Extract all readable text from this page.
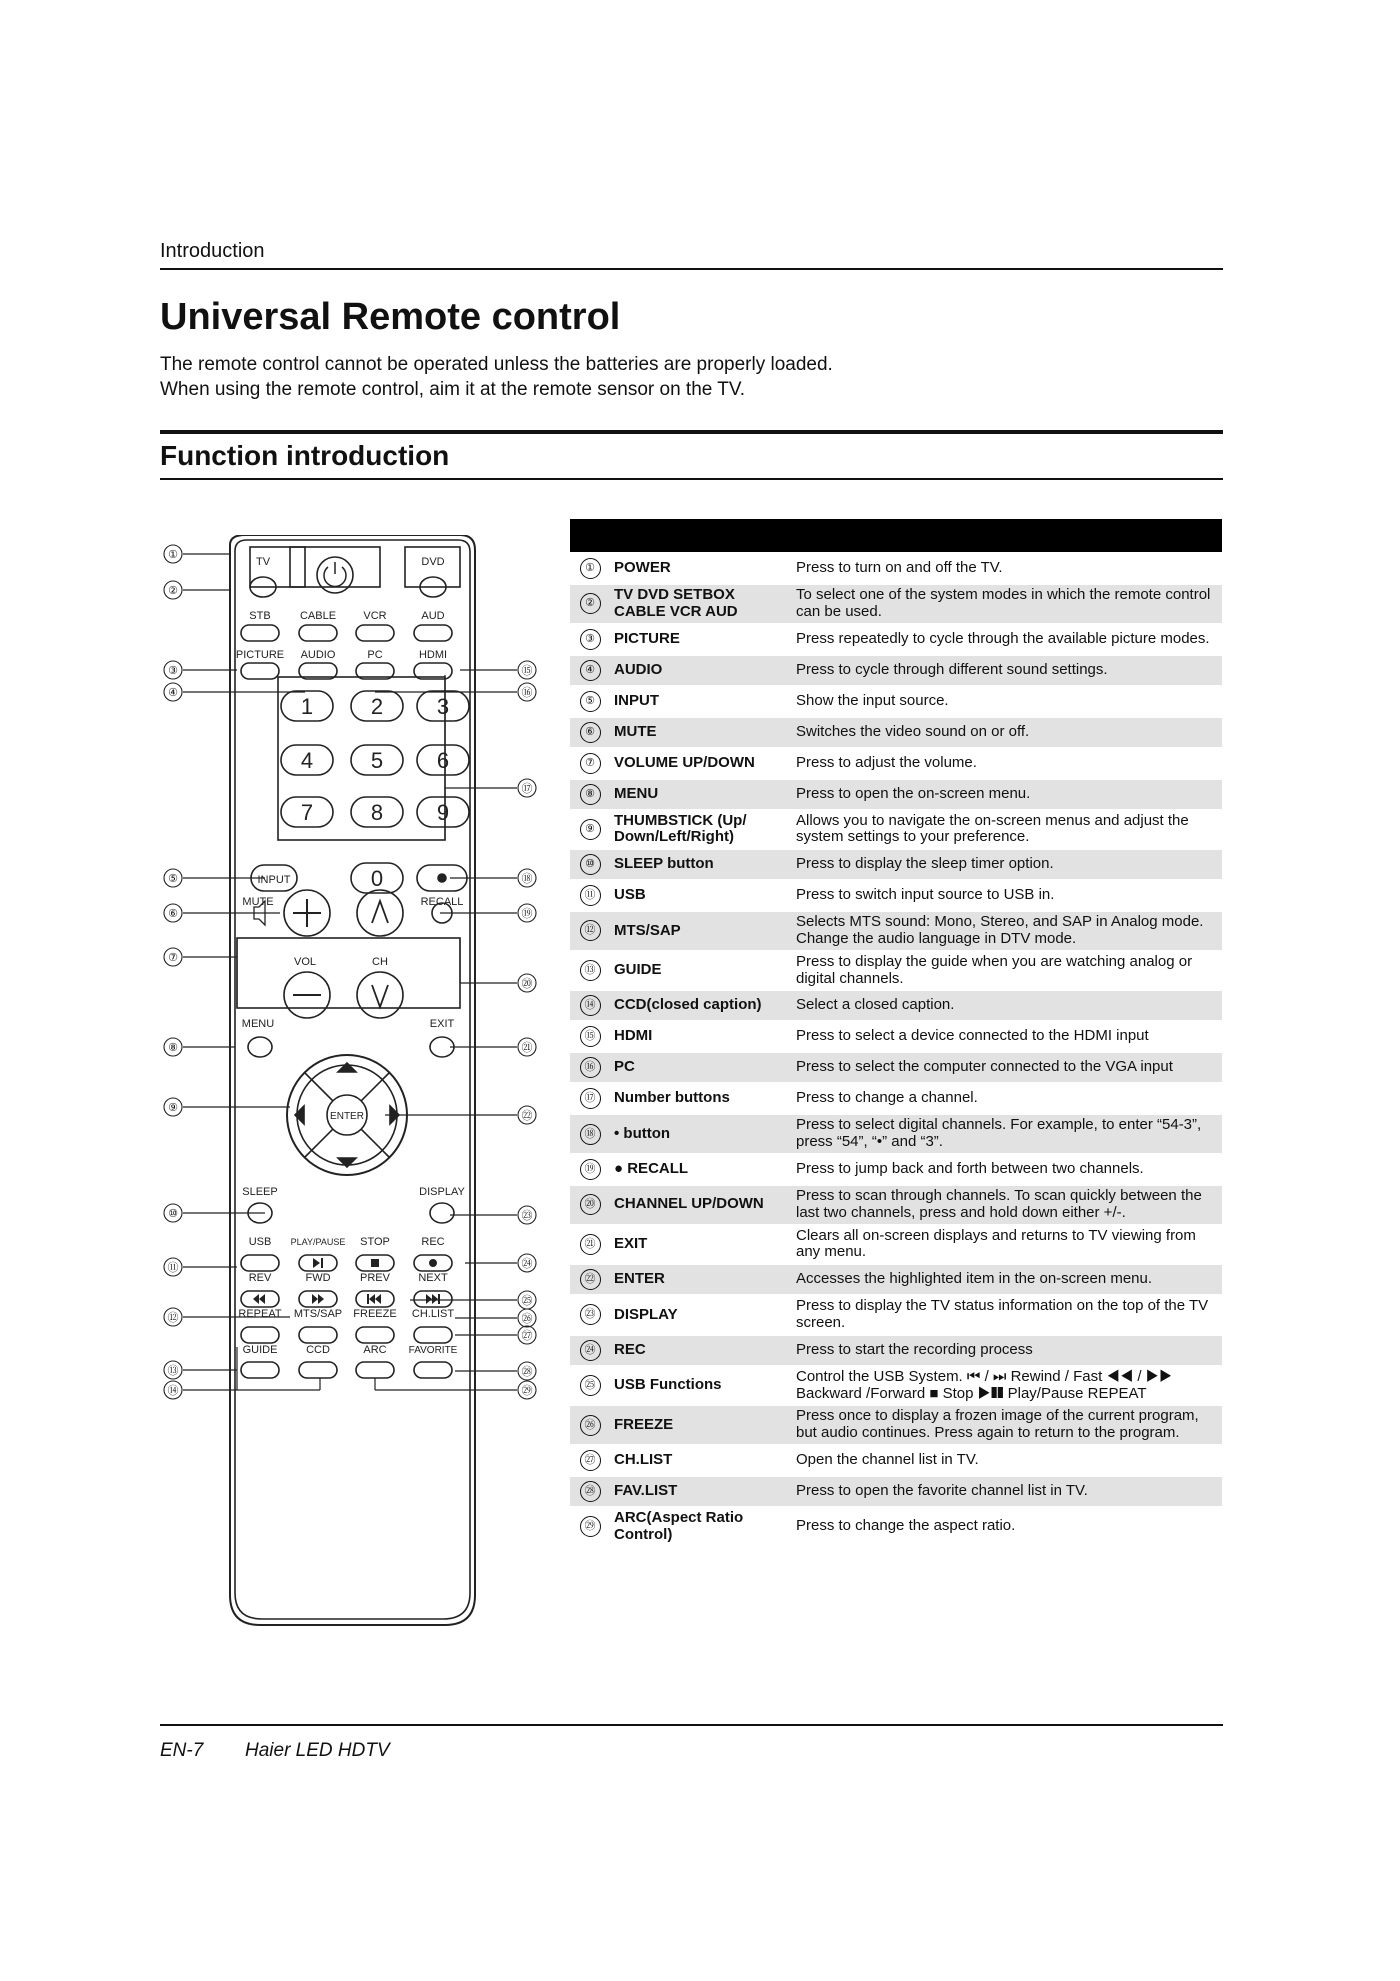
Introduction
Universal Remote control
The remote control cannot be operated unless the batteries are properly loaded.
When using the remote control, aim it at the remote sensor on the TV.
Function introduction
①
②
③
④
⑤
⑥
⑦
⑧
⑨
⑩
⑪
⑫
⑬
⑭
⑮
⑯
⑰
⑱
⑲
⑳
㉑
㉒
㉓
㉔
㉕
㉖
㉗
㉘
㉙
TV	DVD
STB	CABLE VCR	AUD
PICTURE AUDIO	PC	HDMI
1	2 3
4	5 6
7	8 9
0
INPUT
MUTE	RECALL
VOL	CH
MENU	EXIT
ENTER
SLEEP	DISPLAY
USB PLAY/PAUSE STOP	REC
REV	FWD	PREV	NEXT
REPEAT MTS/SAP FREEZE CH.LIST
GUIDE	CCD	ARC FAVORITE

①	POWER	Press to turn on and off the TV.
②	TV DVD SETBOX CABLE VCR AUD	To select one of the system modes in which the remote control can be used.
③	PICTURE	Press repeatedly to cycle through the available picture modes.
④	AUDIO	Press to cycle through different sound settings.
⑤	INPUT	Show the input source.
⑥	MUTE	Switches the video sound on or off.
⑦	VOLUME UP/DOWN	Press to adjust the volume.
⑧	MENU	Press to open the on-screen menu.
⑨	THUMBSTICK (Up/ Down/Left/Right)	Allows you to navigate the on-screen menus and adjust the system settings to your preference.
⑩	SLEEP button	Press to display the sleep timer option.
⑪	USB	Press to switch input source to USB in.
⑫	MTS/SAP	Selects MTS sound: Mono, Stereo, and SAP in Analog mode. Change the audio language in DTV mode.
⑬	GUIDE	Press to display the guide when you are watching analog or digital channels.
⑭	CCD(closed caption)	Select a closed caption.
⑮	HDMI	Press to select a device connected to the HDMI input
⑯	PC	Press to select the computer connected to the VGA input
⑰	Number buttons	Press to change a channel.
⑱	• button	Press to select digital channels. For example, to enter “54-3”, press “54”, “•” and “3”.
⑲	● RECALL	Press to jump back and forth between two channels.
⑳	CHANNEL UP/DOWN	Press to scan through channels. To scan quickly between the last two channels, press and hold down either +/-.
㉑	EXIT	Clears all on-screen displays and returns to TV viewing from any menu.
㉒	ENTER	Accesses the highlighted item in the on-screen menu.
㉓	DISPLAY	Press to display the TV status information on the top of the TV screen.
㉔	REC	Press to start the recording process
㉕	USB Functions	Control the USB System. ⏮ / ⏭ Rewind / Fast ◀◀ / ▶▶ Backward /Forward ■ Stop ▶❚❚ Play/Pause REPEAT
㉖	FREEZE	Press once to display a frozen image of the current program, but audio continues. Press again to return to the program.
㉗	CH.LIST	Open the channel list in TV.
㉘	FAV.LIST	Press to open the favorite channel list in TV.
㉙	ARC(Aspect Ratio Control)	Press to change the aspect ratio.
EN-7 Haier LED HDTV
